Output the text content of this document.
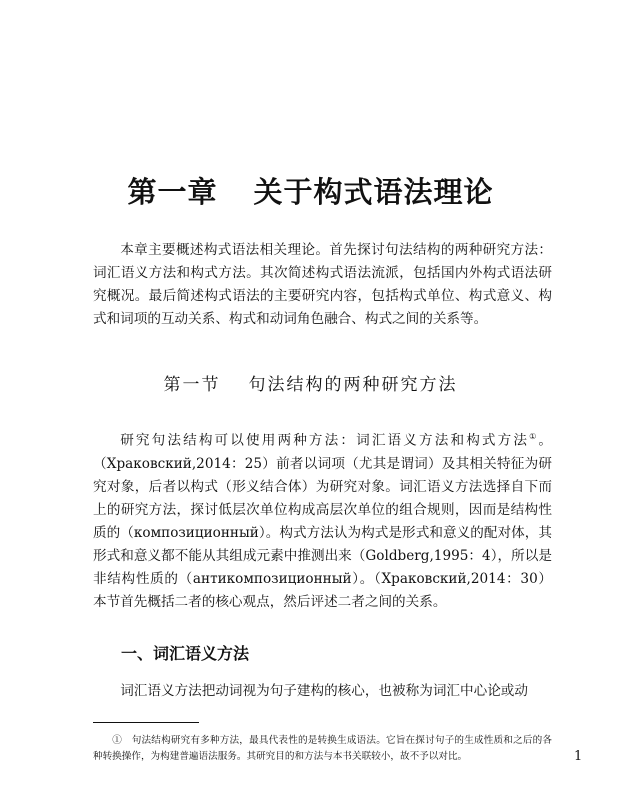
第一章 关于构式语法理论

本章主要概述构式语法相关理论。首先探讨句法结构的两种研究方法：词汇语义方法和构式方法。其次简述构式语法流派，包括国内外构式语法研究概况。最后简述构式语法的主要研究内容，包括构式单位、构式意义、构式和词项的互动关系、构式和动词角色融合、构式之间的关系等。

第一节 句法结构的两种研究方法

研究句法结构可以使用两种方法：词汇语义方法和构式方法①。（Храковский,2014：25）前者以词项（尤其是谓词）及其相关特征为研究对象，后者以构式（形义结合体）为研究对象。词汇语义方法选择自下而上的研究方法，探讨低层次单位构成高层次单位的组合规则，因而是结构性质的（композиционный）。构式方法认为构式是形式和意义的配对体，其形式和意义都不能从其组成元素中推测出来（Goldberg,1995：4），所以是非结构性质的（антикомпозиционный）。（Храковский,2014：30）本节首先概括二者的核心观点，然后评述二者之间的关系。

一、词汇语义方法

词汇语义方法把动词视为句子建构的核心，也被称为词汇中心论或动

①　 句法结构研究有多种方法，最具代表性的是转换生成语法。它旨在探讨句子的生成性质和之后的各种转换操作，为构建普遍语法服务。其研究目的和方法与本书关联较小，故不予以对比。	1
